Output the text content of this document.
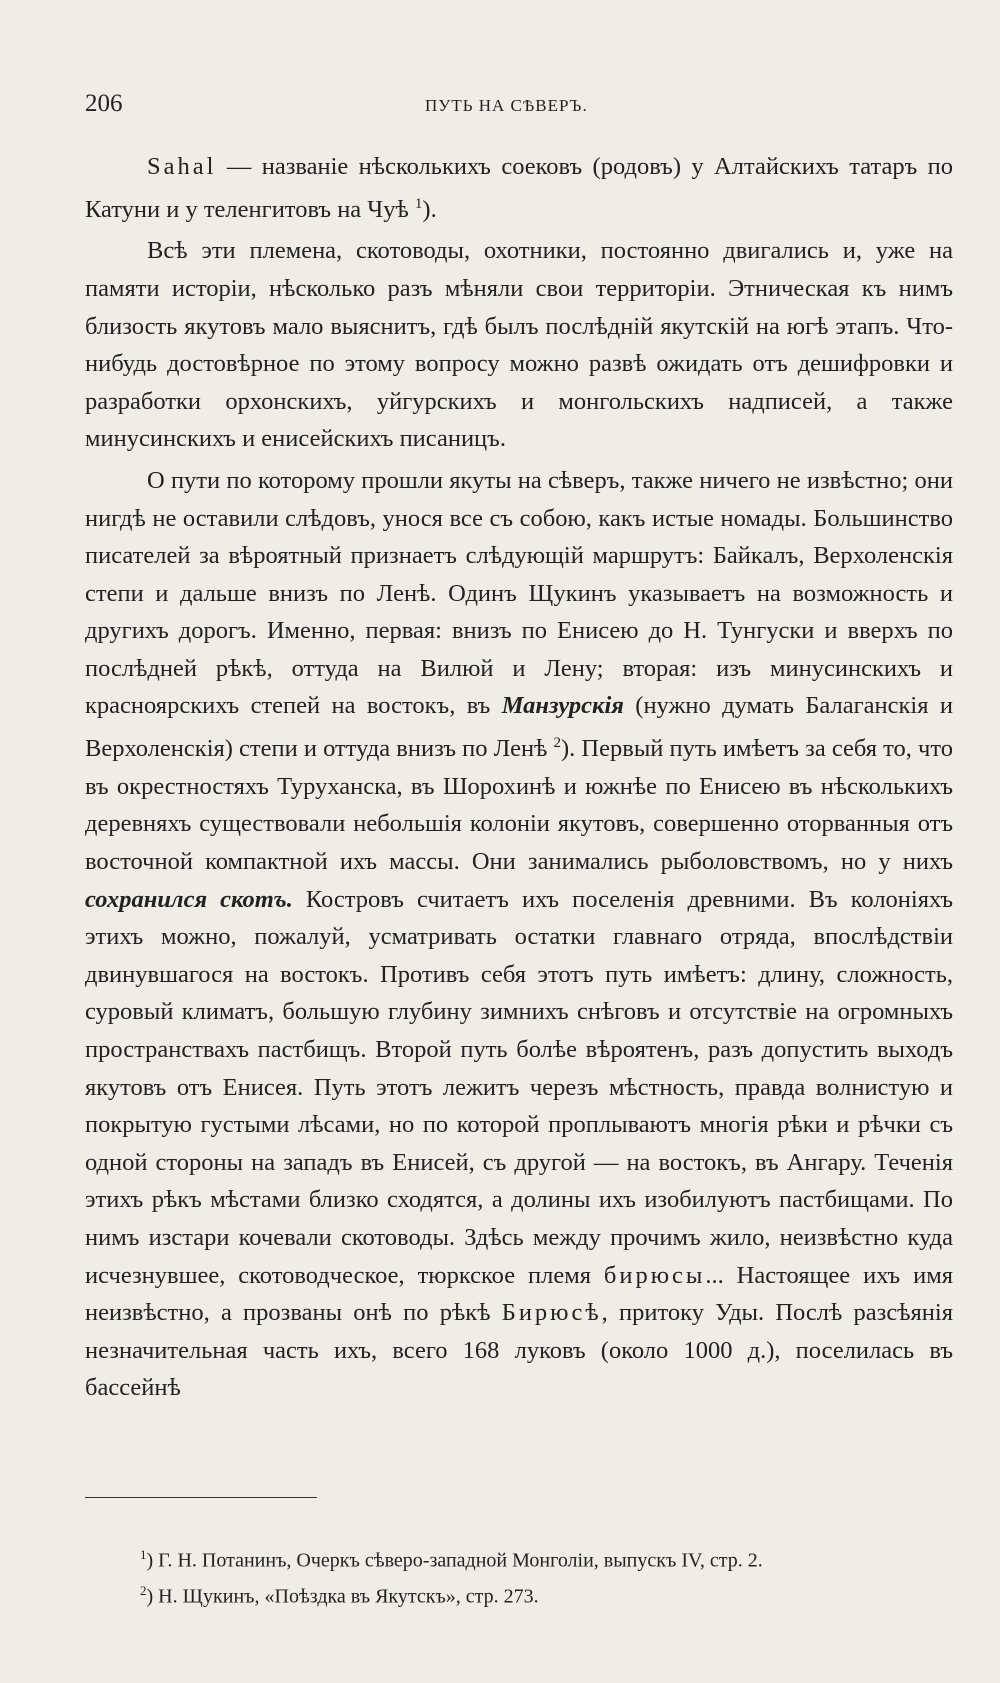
206	ПУТЬ НА СѢВЕРЪ.

Sahal — названіе нѣсколькихъ соековъ (родовъ) у Алтайскихъ татаръ по Катуни и у теленгитовъ на Чуѣ $^1$).

Всѣ эти племена, скотоводы, охотники, постоянно двигались и, уже на памяти исторіи, нѣсколько разъ мѣняли свои территоріи. Этническая къ нимъ близость якутовъ мало выяснитъ, гдѣ былъ послѣдній якутскій на югѣ этапъ. Что-нибудь достовѣрное по этому вопросу можно развѣ ожидать отъ дешифровки и разработки орхонскихъ, уйгурскихъ и монгольскихъ надписей, а также минусинскихъ и енисейскихъ писаницъ.

О пути по которому прошли якуты на сѣверъ, также ничего не извѣстно; они нигдѣ не оставили слѣдовъ, унося все съ собою, какъ истые номады. Большинство писателей за вѣроятный признаетъ слѣдующій маршрутъ: Байкалъ, Верхоленскія степи и дальше внизъ по Ленѣ. Одинъ Щукинъ указываетъ на возможность и другихъ дорогъ. Именно, первая: внизъ по Енисею до Н. Тунгуски и вверхъ по послѣдней рѣкѣ, оттуда на Вилюй и Лену; вторая: изъ минусинскихъ и красноярскихъ степей на востокъ, въ Манзурскія (нужно думать Балаганскія и Верхоленскія) степи и оттуда внизъ по Ленѣ $^2$). Первый путь имѣетъ за себя то, что въ окрестностяхъ Туруханска, въ Шорохинѣ и южнѣе по Енисею въ нѣсколькихъ деревняхъ существовали небольшія колоніи якутовъ, совершенно оторванныя отъ восточной компактной ихъ массы. Они занимались рыболовствомъ, но у нихъ сохранился скотъ. Костровъ считаетъ ихъ поселенія древними. Въ колоніяхъ этихъ можно, пожалуй, усматривать остатки главнаго отряда, впослѣдствіи двинувшагося на востокъ. Противъ себя этотъ путь имѣетъ: длину, сложность, суровый климатъ, большую глубину зимнихъ снѣговъ и отсутствіе на огромныхъ пространствахъ пастбищъ. Второй путь болѣе вѣроятенъ, разъ допустить выходъ якутовъ отъ Енисея. Путь этотъ лежитъ черезъ мѣстность, правда волнистую и покрытую густыми лѣсами, но по которой проплываютъ многія рѣки и рѣчки съ одной стороны на западъ въ Енисей, съ другой — на востокъ, въ Ангару. Теченія этихъ рѣкъ мѣстами близко сходятся, а долины ихъ изобилуютъ пастбищами. По нимъ изстари кочевали скотоводы. Здѣсь между прочимъ жило, неизвѣстно куда исчезнувшее, скотоводческое, тюркское племя бирюсы... Настоящее ихъ имя неизвѣстно, а прозваны онѣ по рѣкѣ Бирюсѣ, притоку Уды. Послѣ разсѣянія незначительная часть ихъ, всего 168 луковъ (около 1000 д.), поселилась въ бассейнѣ

$^1$) Г. Н. Потанинъ, Очеркъ сѣверо-западной Монголіи, выпускъ IV, стр. 2.
$^2$) Н. Щукинъ, «Поѣздка въ Якутскъ», стр. 273.
